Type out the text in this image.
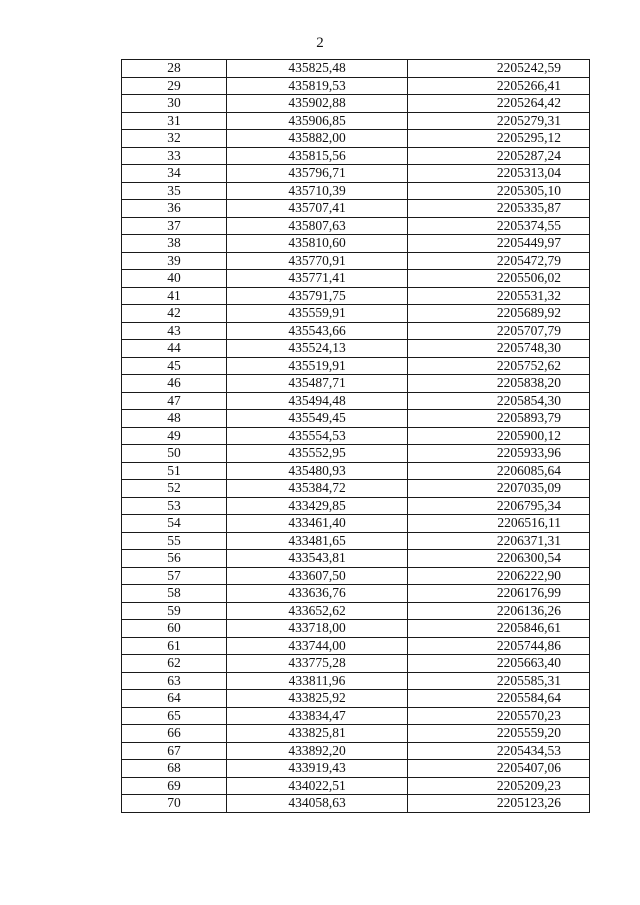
2
28	435825,48	2205242,59
29	435819,53	2205266,41
30	435902,88	2205264,42
31	435906,85	2205279,31
32	435882,00	2205295,12
33	435815,56	2205287,24
34	435796,71	2205313,04
35	435710,39	2205305,10
36	435707,41	2205335,87
37	435807,63	2205374,55
38	435810,60	2205449,97
39	435770,91	2205472,79
40	435771,41	2205506,02
41	435791,75	2205531,32
42	435559,91	2205689,92
43	435543,66	2205707,79
44	435524,13	2205748,30
45	435519,91	2205752,62
46	435487,71	2205838,20
47	435494,48	2205854,30
48	435549,45	2205893,79
49	435554,53	2205900,12
50	435552,95	2205933,96
51	435480,93	2206085,64
52	435384,72	2207035,09
53	433429,85	2206795,34
54	433461,40	2206516,11
55	433481,65	2206371,31
56	433543,81	2206300,54
57	433607,50	2206222,90
58	433636,76	2206176,99
59	433652,62	2206136,26
60	433718,00	2205846,61
61	433744,00	2205744,86
62	433775,28	2205663,40
63	433811,96	2205585,31
64	433825,92	2205584,64
65	433834,47	2205570,23
66	433825,81	2205559,20
67	433892,20	2205434,53
68	433919,43	2205407,06
69	434022,51	2205209,23
70	434058,63	2205123,26
